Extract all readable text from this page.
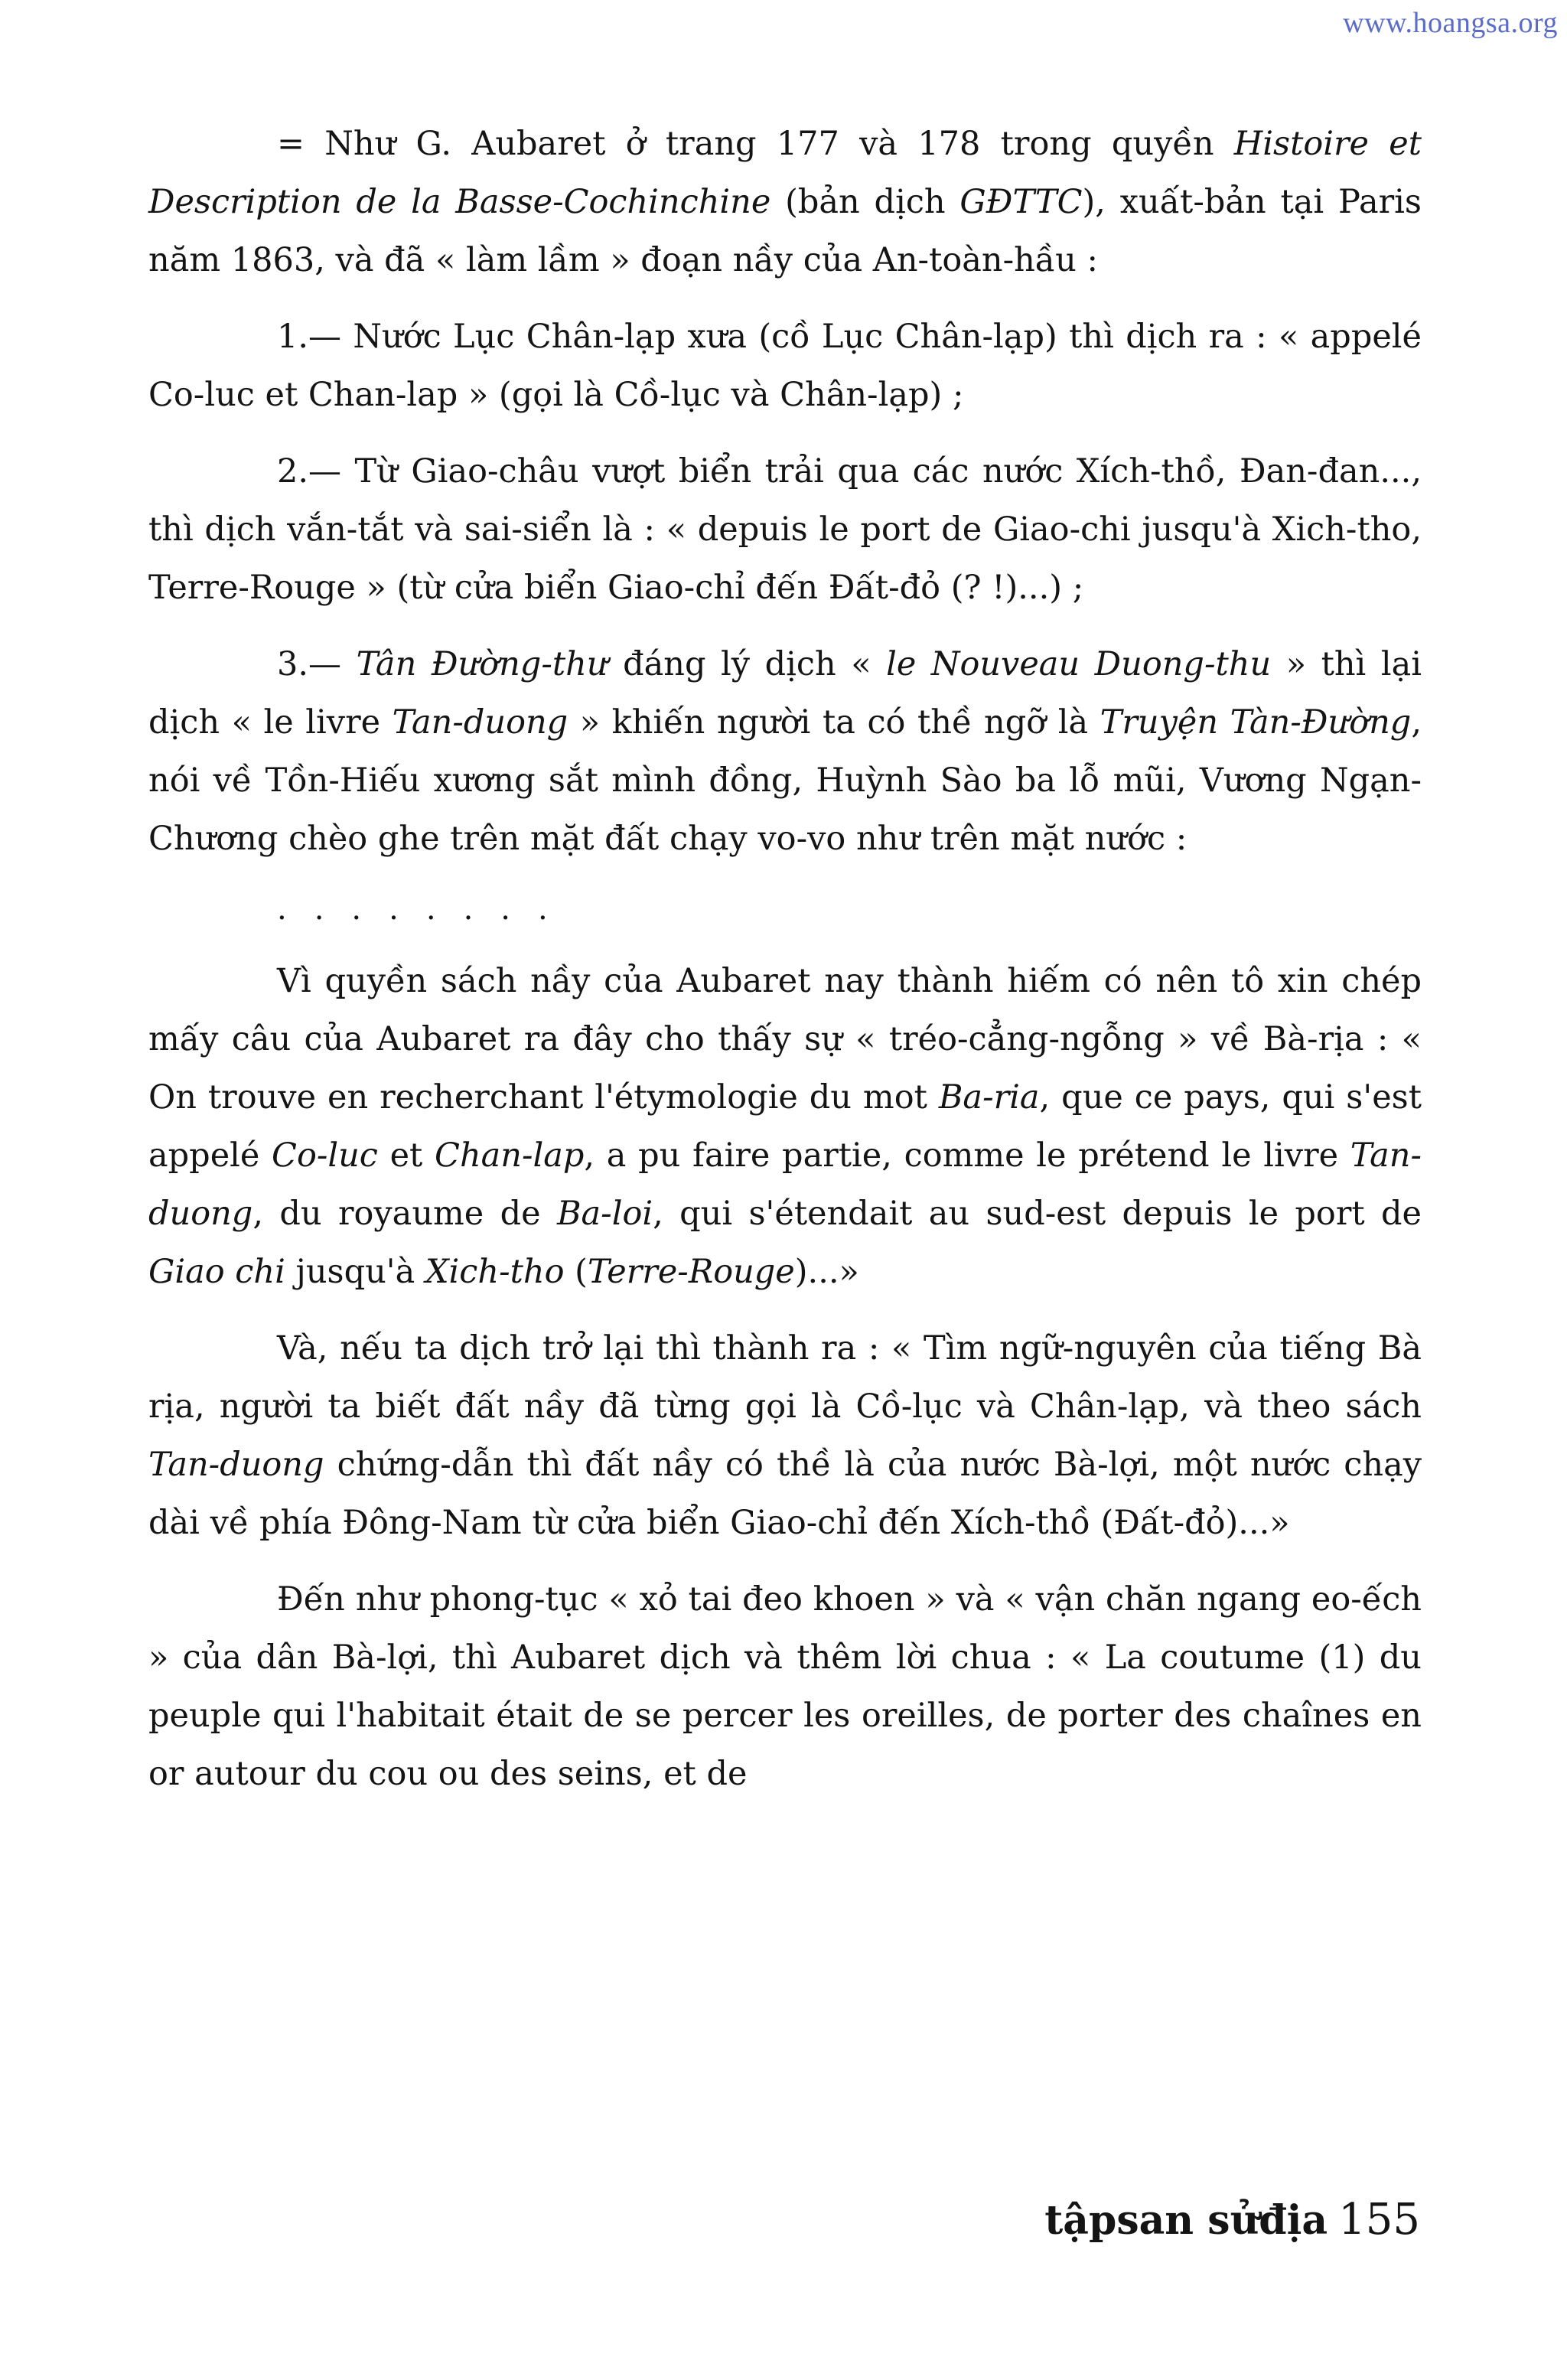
www.hoangsa.org

= Như G. Aubaret ở trang 177 và 178 trong quyền Histoire et Description de la Basse-Cochinchine (bản dịch GĐTTC), xuất-bản tại Paris năm 1863, và đã « làm lầm » đoạn nầy của An-toàn-hầu :

1.— Nước Lục Chân-lạp xưa (cồ Lục Chân-lạp) thì dịch ra : « appelé Co-luc et Chan-lap » (gọi là Cồ-lục và Chân-lạp) ;

2.— Từ Giao-châu vượt biển trải qua các nước Xích-thồ, Đan-đan..., thì dịch vắn-tắt và sai-siển là : « depuis le port de Giao-chi jusqu'à Xich-tho, Terre-Rouge » (từ cửa biển Giao-chỉ đến Đất-đỏ (? !)...) ;

3.— Tân Đường-thư đáng lý dịch « le Nouveau Duong-thu » thì lại dịch « le livre Tan-duong » khiến người ta có thề ngỡ là Truyện Tàn-Đường, nói về Tồn-Hiếu xương sắt mình đồng, Huỳnh Sào ba lỗ mũi, Vương Ngạn-Chương chèo ghe trên mặt đất chạy vo-vo như trên mặt nước :

........

Vì quyền sách nầy của Aubaret nay thành hiếm có nên tô xin chép mấy câu của Aubaret ra đây cho thấy sự « tréo-cẳng-ngỗng » về Bà-rịa : « On trouve en recherchant l'étymologie du mot Ba-ria, que ce pays, qui s'est appelé Co-luc et Chan-lap, a pu faire partie, comme le prétend le livre Tan-duong, du royaume de Ba-loi, qui s'étendait au sud-est depuis le port de Giao chi jusqu'à Xich-tho (Terre-Rouge)...»

Và, nếu ta dịch trở lại thì thành ra : « Tìm ngữ-nguyên của tiếng Bà rịa, người ta biết đất nầy đã từng gọi là Cồ-lục và Chân-lạp, và theo sách Tan-duong chứng-dẫn thì đất nầy có thề là của nước Bà-lợi, một nước chạy dài về phía Đông-Nam từ cửa biển Giao-chỉ đến Xích-thồ (Đất-đỏ)...»

Đến như phong-tục « xỏ tai đeo khoen » và « vận chăn ngang eo-ếch » của dân Bà-lợi, thì Aubaret dịch và thêm lời chua : « La coutume (1) du peuple qui l'habitait était de se percer les oreilles, de porter des chaînes en or autour du cou ou des seins, et de

tậpsan sửđịa 155
